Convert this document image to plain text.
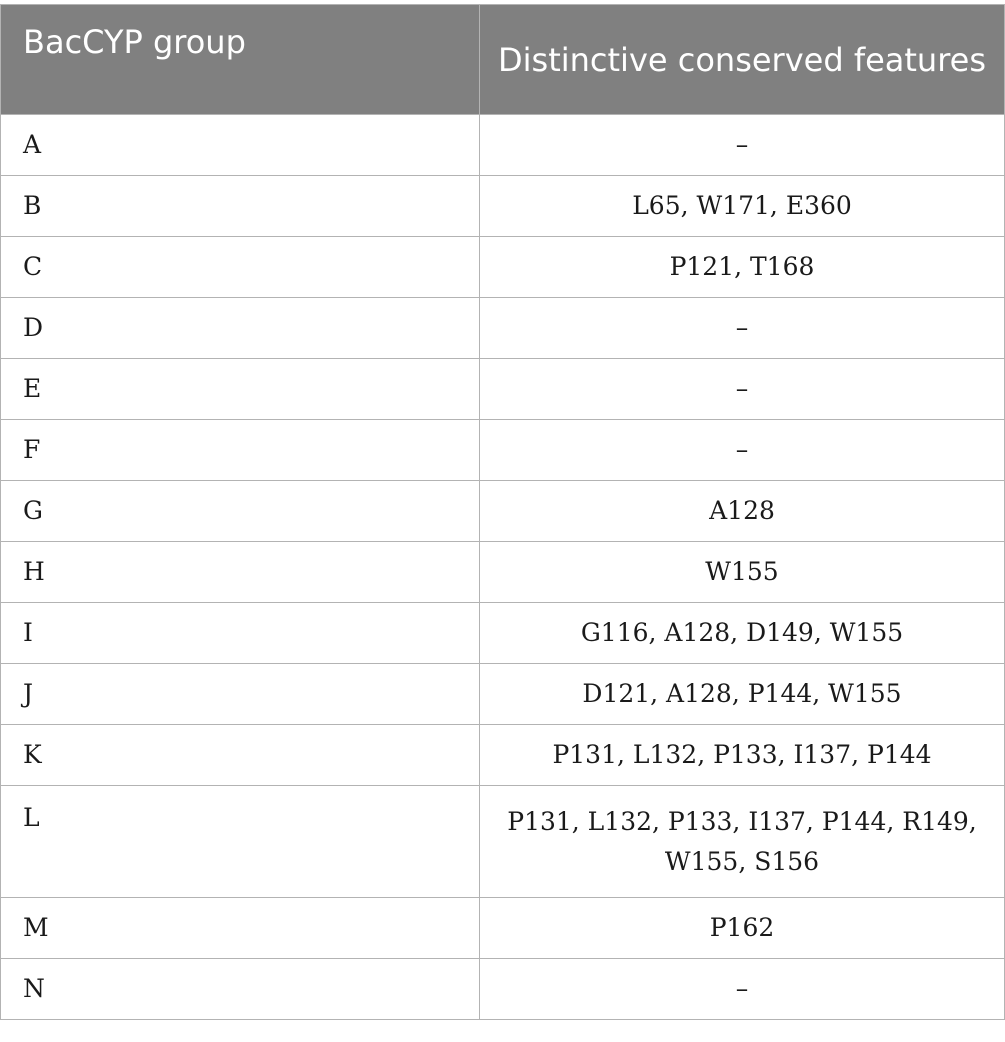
BacCYP group	Distinctive conserved features
A	–
B	L65, W171, E360
C	P121, T168
D	–
E	–
F	–
G	A128
H	W155
I	G116, A128, D149, W155
J	D121, A128, P144, W155
K	P131, L132, P133, I137, P144
L	P131, L132, P133, I137, P144, R149, W155, S156
M	P162
N	–
